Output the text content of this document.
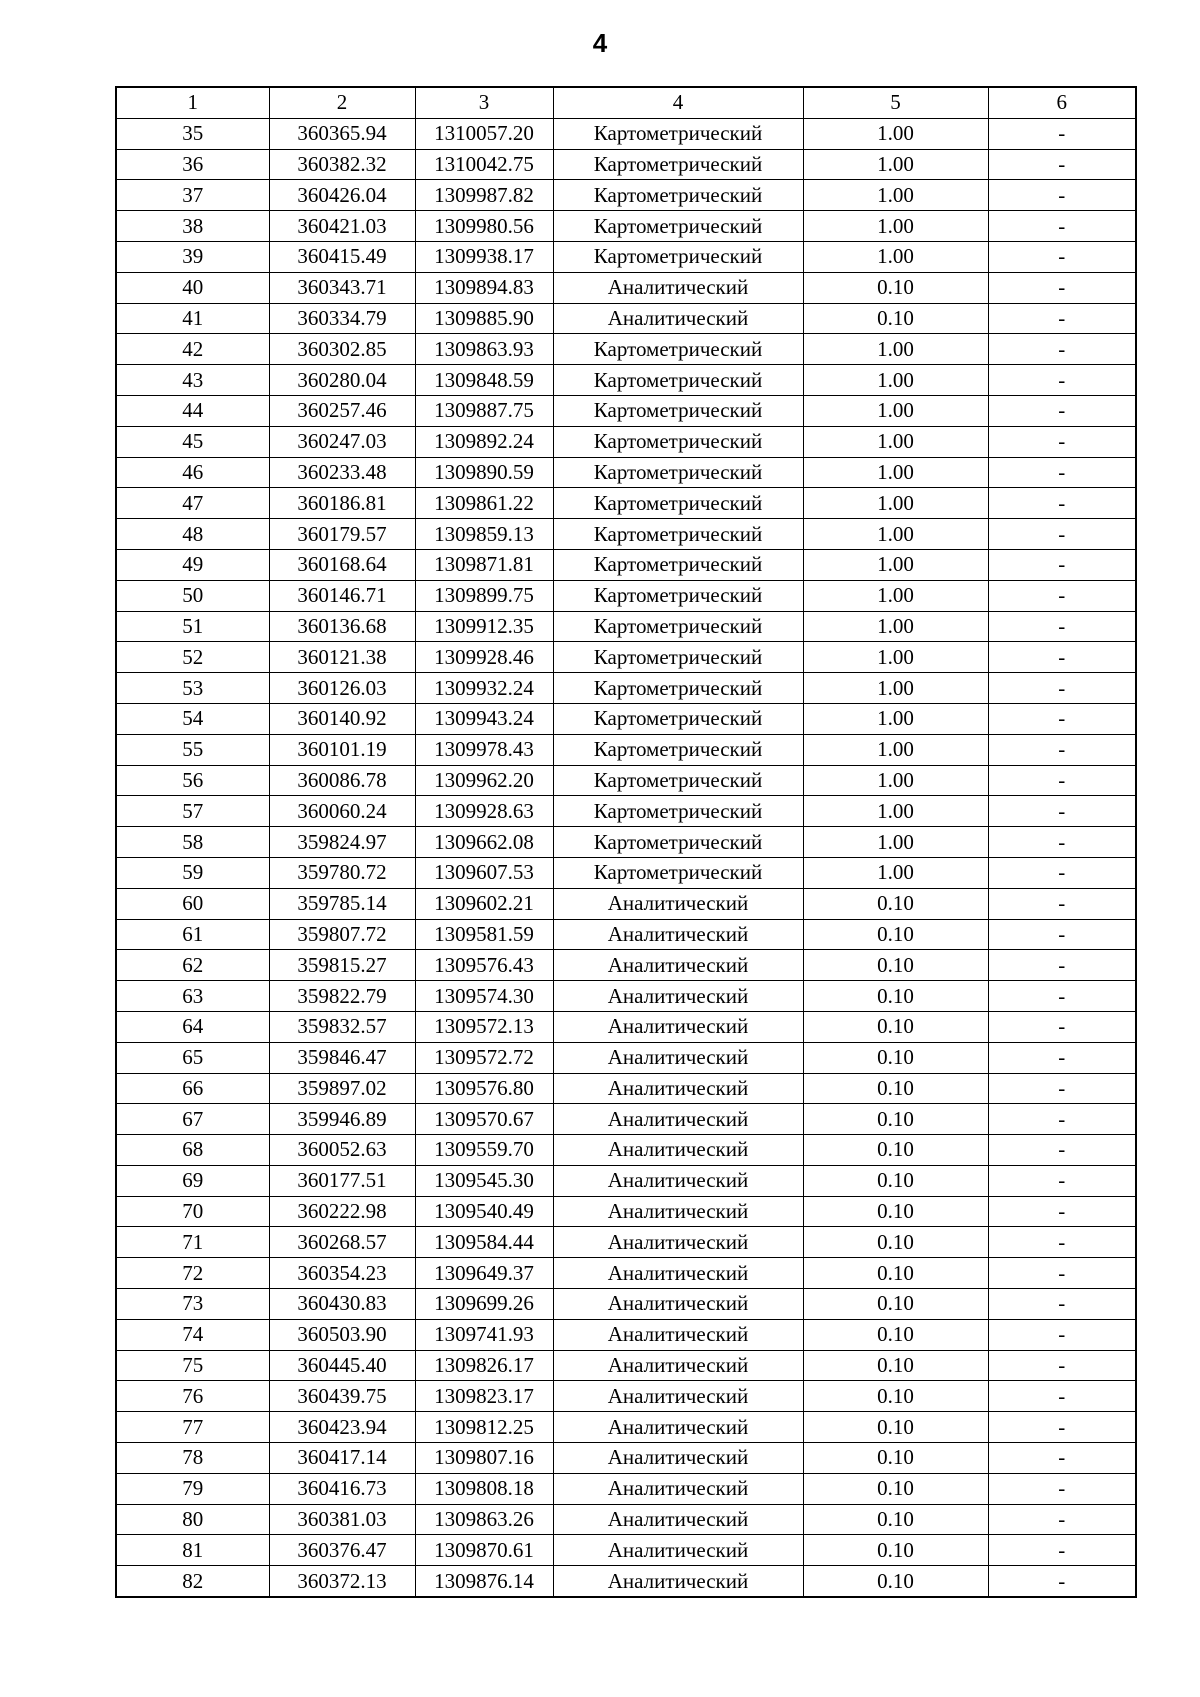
4
1	2	3	4	5	6
35	360365.94	1310057.20	Картометрический	1.00	-
36	360382.32	1310042.75	Картометрический	1.00	-
37	360426.04	1309987.82	Картометрический	1.00	-
38	360421.03	1309980.56	Картометрический	1.00	-
39	360415.49	1309938.17	Картометрический	1.00	-
40	360343.71	1309894.83	Аналитический	0.10	-
41	360334.79	1309885.90	Аналитический	0.10	-
42	360302.85	1309863.93	Картометрический	1.00	-
43	360280.04	1309848.59	Картометрический	1.00	-
44	360257.46	1309887.75	Картометрический	1.00	-
45	360247.03	1309892.24	Картометрический	1.00	-
46	360233.48	1309890.59	Картометрический	1.00	-
47	360186.81	1309861.22	Картометрический	1.00	-
48	360179.57	1309859.13	Картометрический	1.00	-
49	360168.64	1309871.81	Картометрический	1.00	-
50	360146.71	1309899.75	Картометрический	1.00	-
51	360136.68	1309912.35	Картометрический	1.00	-
52	360121.38	1309928.46	Картометрический	1.00	-
53	360126.03	1309932.24	Картометрический	1.00	-
54	360140.92	1309943.24	Картометрический	1.00	-
55	360101.19	1309978.43	Картометрический	1.00	-
56	360086.78	1309962.20	Картометрический	1.00	-
57	360060.24	1309928.63	Картометрический	1.00	-
58	359824.97	1309662.08	Картометрический	1.00	-
59	359780.72	1309607.53	Картометрический	1.00	-
60	359785.14	1309602.21	Аналитический	0.10	-
61	359807.72	1309581.59	Аналитический	0.10	-
62	359815.27	1309576.43	Аналитический	0.10	-
63	359822.79	1309574.30	Аналитический	0.10	-
64	359832.57	1309572.13	Аналитический	0.10	-
65	359846.47	1309572.72	Аналитический	0.10	-
66	359897.02	1309576.80	Аналитический	0.10	-
67	359946.89	1309570.67	Аналитический	0.10	-
68	360052.63	1309559.70	Аналитический	0.10	-
69	360177.51	1309545.30	Аналитический	0.10	-
70	360222.98	1309540.49	Аналитический	0.10	-
71	360268.57	1309584.44	Аналитический	0.10	-
72	360354.23	1309649.37	Аналитический	0.10	-
73	360430.83	1309699.26	Аналитический	0.10	-
74	360503.90	1309741.93	Аналитический	0.10	-
75	360445.40	1309826.17	Аналитический	0.10	-
76	360439.75	1309823.17	Аналитический	0.10	-
77	360423.94	1309812.25	Аналитический	0.10	-
78	360417.14	1309807.16	Аналитический	0.10	-
79	360416.73	1309808.18	Аналитический	0.10	-
80	360381.03	1309863.26	Аналитический	0.10	-
81	360376.47	1309870.61	Аналитический	0.10	-
82	360372.13	1309876.14	Аналитический	0.10	-
